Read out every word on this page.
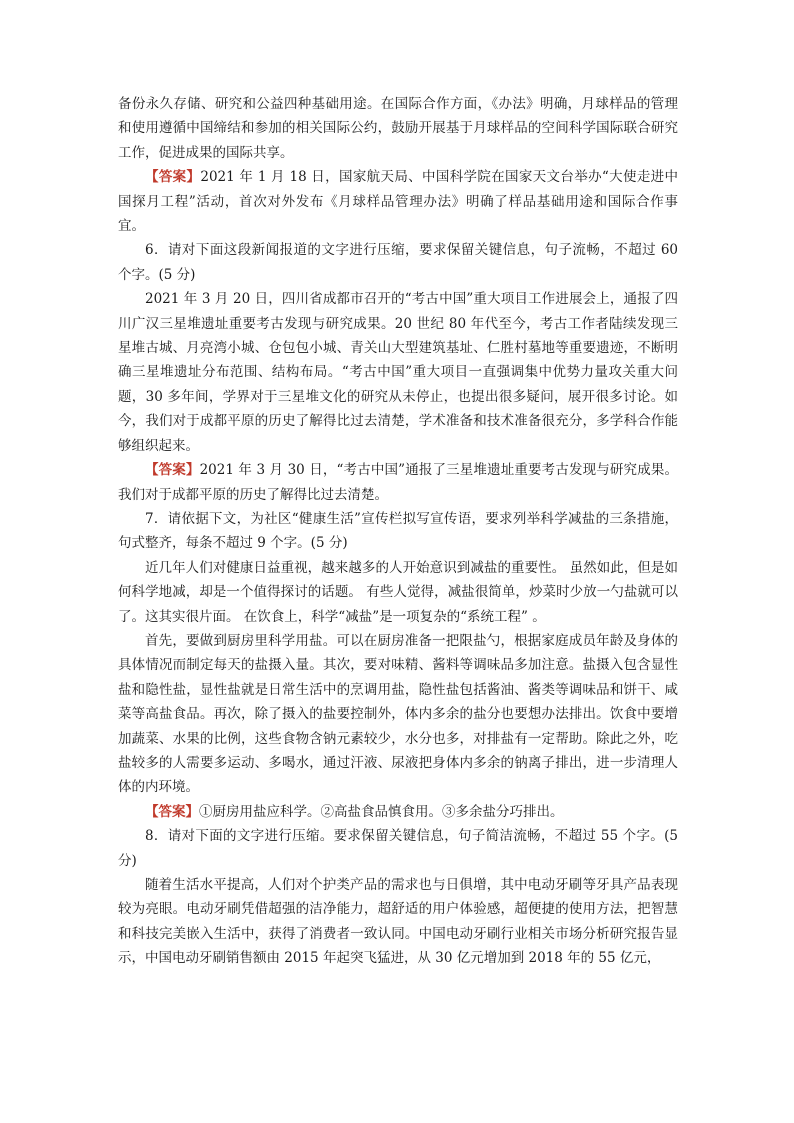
备份永久存储、研究和公益四种基础用途。在国际合作方面，《办法》明确，月球样品的管理和使用遵循中国缔结和参加的相关国际公约，鼓励开展基于月球样品的空间科学国际联合研究工作，促进成果的国际共享。

【答案】2021 年 1 月 18 日，国家航天局、中国科学院在国家天文台举办“大使走进中国探月工程”活动，首次对外发布《月球样品管理办法》明确了样品基础用途和国际合作事宜。

6．请对下面这段新闻报道的文字进行压缩，要求保留关键信息，句子流畅，不超过 60 个字。(5 分)

2021 年 3 月 20 日，四川省成都市召开的“考古中国”重大项目工作进展会上，通报了四川广汉三星堆遗址重要考古发现与研究成果。20 世纪 80 年代至今，考古工作者陆续发现三星堆古城、月亮湾小城、仓包包小城、青关山大型建筑基址、仁胜村墓地等重要遗迹，不断明确三星堆遗址分布范围、结构布局。“考古中国”重大项目一直强调集中优势力量攻关重大问题，30 多年间，学界对于三星堆文化的研究从未停止，也提出很多疑问，展开很多讨论。如今，我们对于成都平原的历史了解得比过去清楚，学术准备和技术准备很充分，多学科合作能够组织起来。

【答案】2021 年 3 月 30 日，“考古中国”通报了三星堆遗址重要考古发现与研究成果。我们对于成都平原的历史了解得比过去清楚。

7．请依据下文，为社区“健康生活”宣传栏拟写宣传语，要求列举科学减盐的三条措施，句式整齐，每条不超过 9 个字。(5 分)

近几年人们对健康日益重视，越来越多的人开始意识到减盐的重要性。 虽然如此，但是如何科学地减，却是一个值得探讨的话题。 有些人觉得，减盐很简单，炒菜时少放一勺盐就可以了。这其实很片面。 在饮食上，科学“减盐”是一项复杂的“系统工程” 。

首先，要做到厨房里科学用盐。可以在厨房准备一把限盐勺，根据家庭成员年龄及身体的具体情况而制定每天的盐摄入量。其次，要对味精、酱料等调味品多加注意。盐摄入包含显性盐和隐性盐，显性盐就是日常生活中的烹调用盐，隐性盐包括酱油、酱类等调味品和饼干、咸菜等高盐食品。再次，除了摄入的盐要控制外，体内多余的盐分也要想办法排出。饮食中要增加蔬菜、水果的比例，这些食物含钠元素较少，水分也多，对排盐有一定帮助。除此之外，吃盐较多的人需要多运动、多喝水，通过汗液、尿液把身体内多余的钠离子排出，进一步清理人体的内环境。

【答案】①厨房用盐应科学。②高盐食品慎食用。③多余盐分巧排出。

8．请对下面的文字进行压缩。要求保留关键信息，句子简洁流畅，不超过 55 个字。(5 分)

随着生活水平提高，人们对个护类产品的需求也与日俱增，其中电动牙刷等牙具产品表现较为亮眼。电动牙刷凭借超强的洁净能力，超舒适的用户体验感，超便捷的使用方法，把智慧和科技完美嵌入生活中，获得了消费者一致认同。中国电动牙刷行业相关市场分析研究报告显示，中国电动牙刷销售额由 2015 年起突飞猛进，从 30 亿元增加到 2018 年的 55 亿元，
